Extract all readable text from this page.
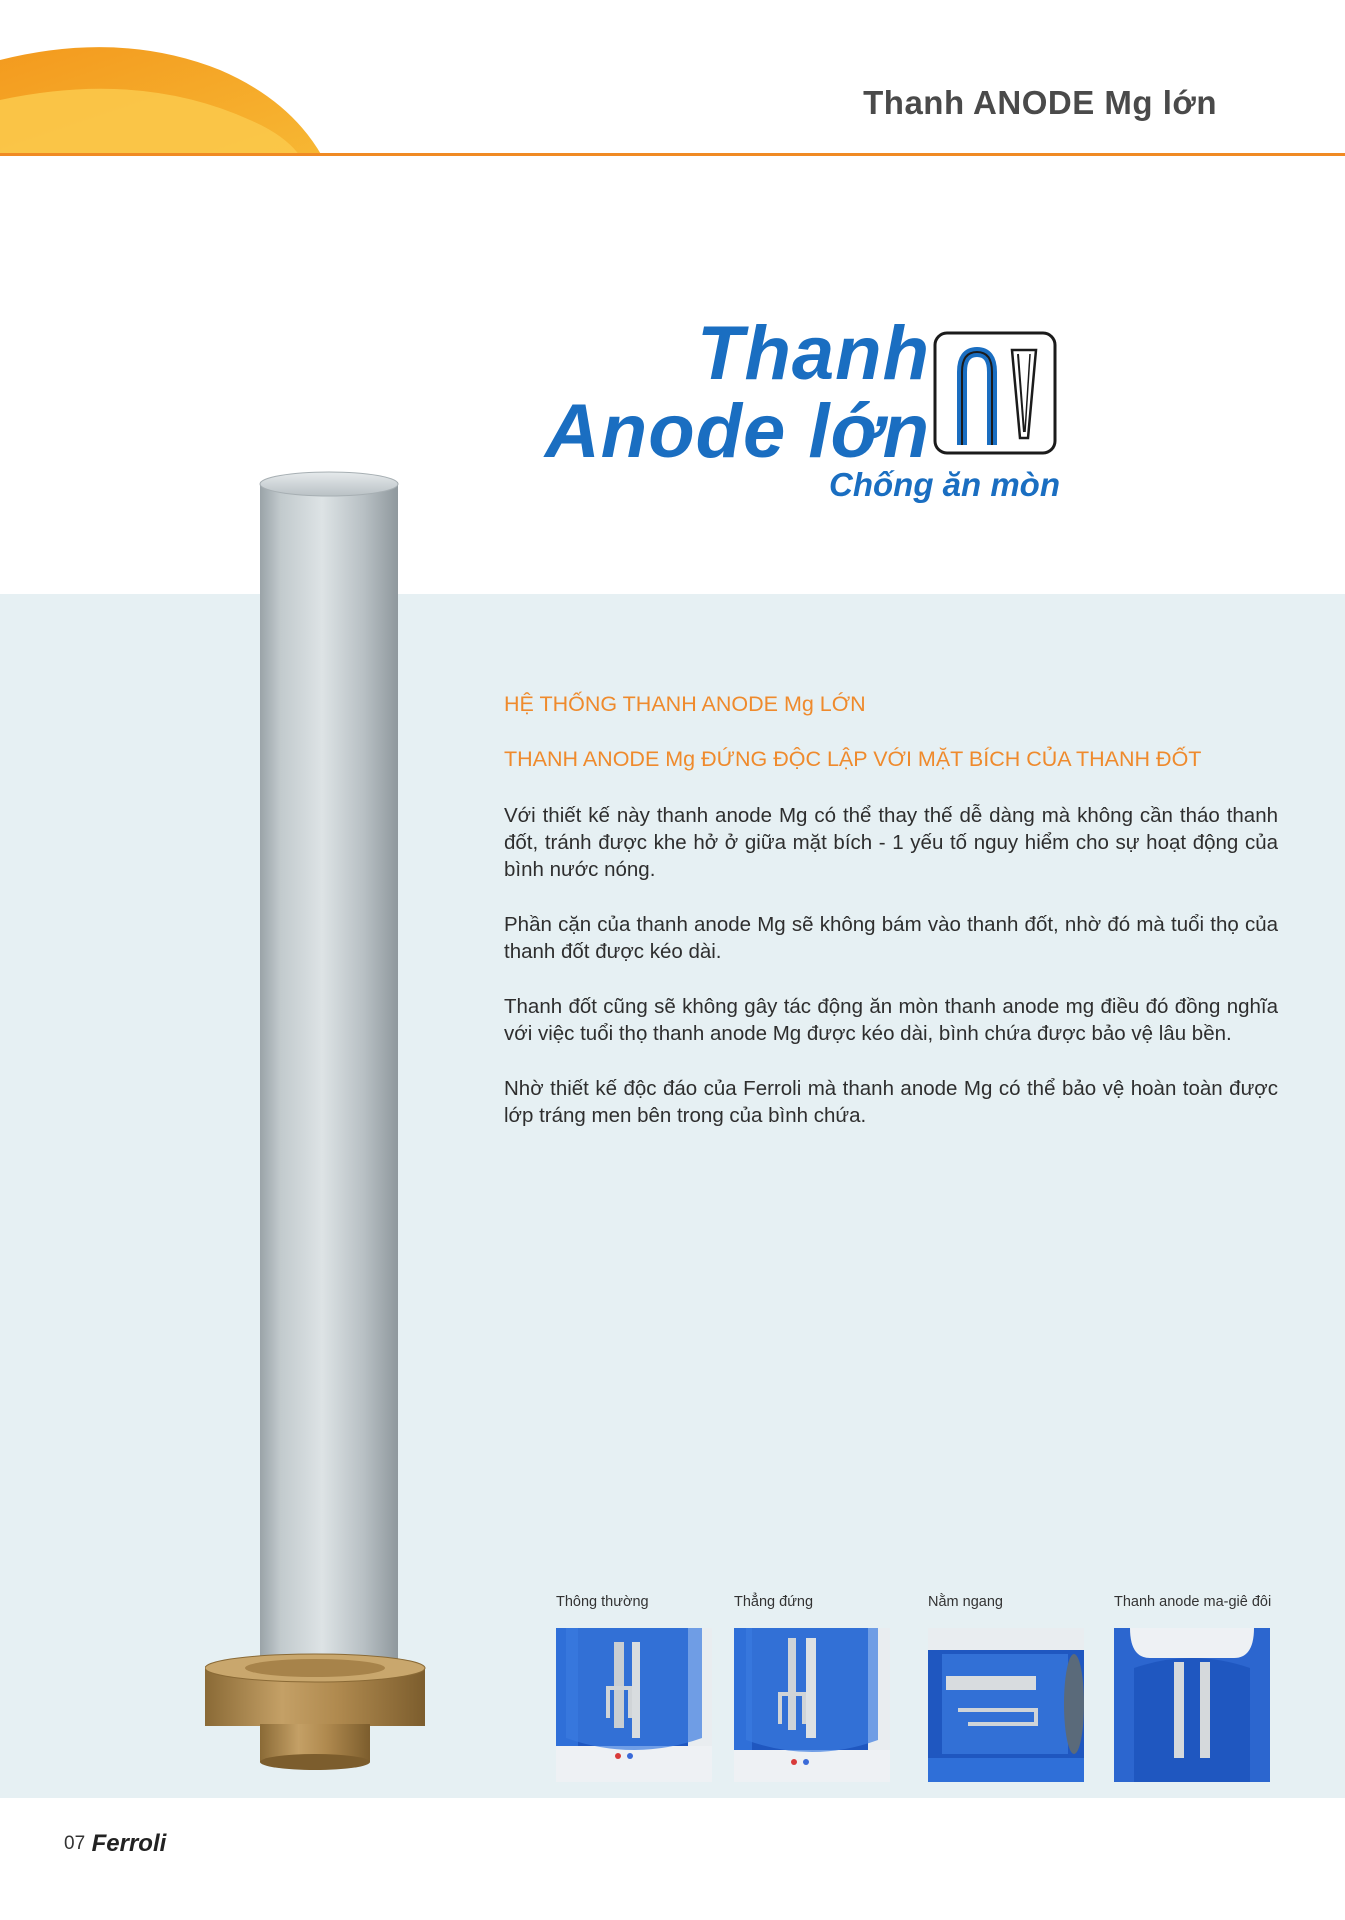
Thanh ANODE Mg lớn
Thanh
Anode lớn
Chống ăn mòn

HỆ THỐNG THANH ANODE Mg LỚN

THANH ANODE Mg ĐỨNG ĐỘC LẬP VỚI MẶT BÍCH CỦA THANH ĐỐT

Với thiết kế này thanh anode Mg có thể thay thế dễ dàng mà không cần tháo thanh đốt, tránh được khe hở ở giữa mặt bích - 1 yếu tố nguy hiểm cho sự hoạt động của bình nước nóng.

Phần cặn của thanh anode Mg sẽ không bám vào thanh đốt, nhờ đó mà tuổi thọ của thanh đốt được kéo dài.

Thanh đốt cũng sẽ không gây tác động ăn mòn thanh anode mg điều đó đồng nghĩa với việc tuổi thọ thanh anode Mg được kéo dài, bình chứa được bảo vệ lâu bền.

Nhờ thiết kế độc đáo của Ferroli mà thanh anode Mg có thể bảo vệ hoàn toàn được lớp tráng men bên trong của bình chứa.

Thông thường	Thẳng đứng	Nằm ngang	Thanh anode ma-giê đôi
07 Ferroli
